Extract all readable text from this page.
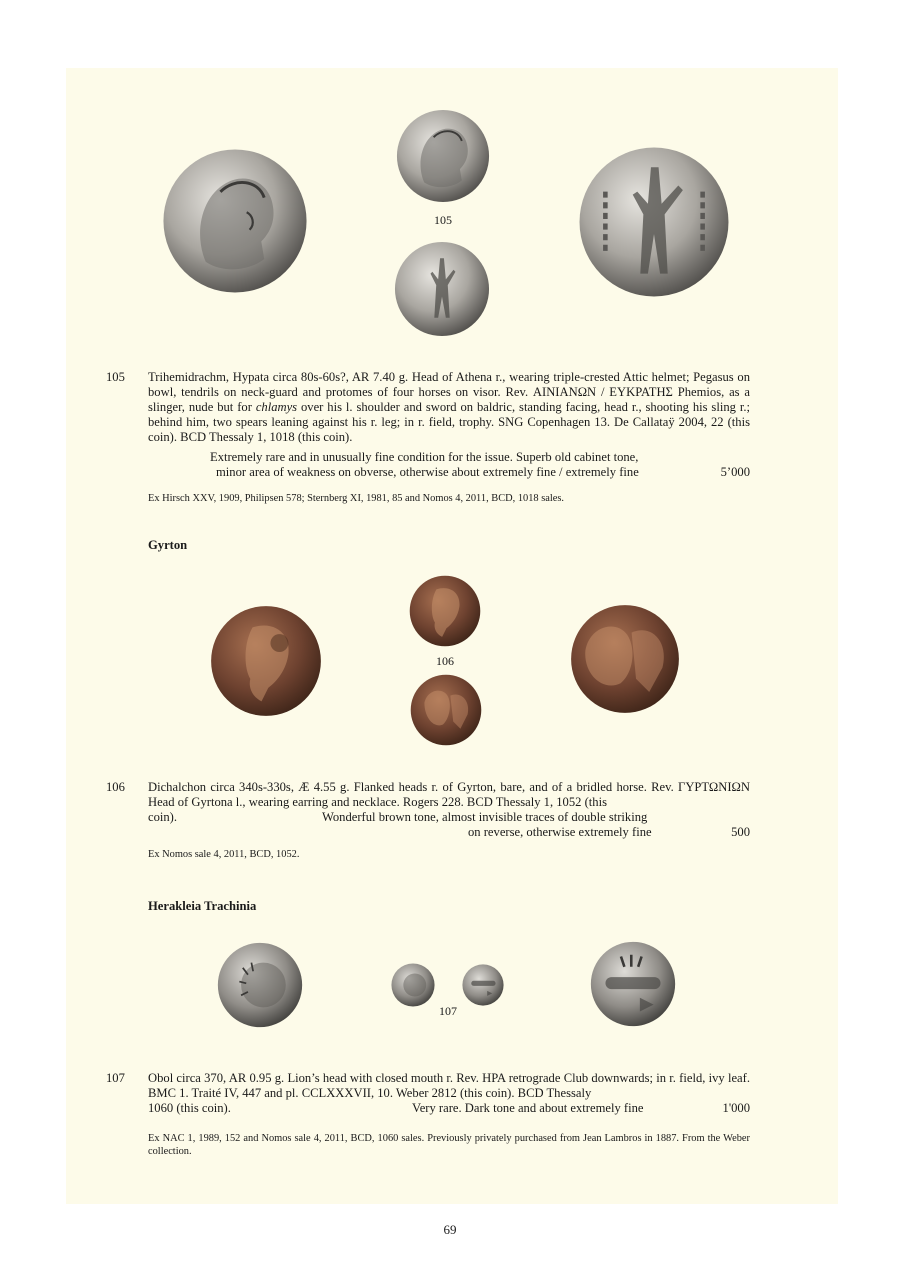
105
105 Trihemidrachm, Hypata circa 80s-60s?, AR 7.40 g. Head of Athena r., wearing triple-crested Attic helmet; Pegasus on bowl, tendrils on neck-guard and protomes of four horses on visor. Rev. ΑΙΝΙΑΝΩΝ / ΕΥΚΡΑΤΗΣ Phemios, as a slinger, nude but for chlamys over his l. shoulder and sword on baldric, standing facing, head r., shooting his sling r.; behind him, two spears leaning against his r. leg; in r. field, trophy. SNG Copenhagen 13. De Callataÿ 2004, 22 (this coin). BCD Thessaly 1, 1018 (this coin).

Extremely rare and in unusually fine condition for the issue. Superb old cabinet tone,
minor area of weakness on obverse, otherwise about extremely fine / extremely fine	5’000
Ex Hirsch XXV, 1909, Philipsen 578; Sternberg XI, 1981, 85 and Nomos 4, 2011, BCD, 1018 sales.
Gyrton
106
106 Dichalchon circa 340s-330s, Æ 4.55 g. Flanked heads r. of Gyrton, bare, and of a bridled horse. Rev. ΓΥΡΤΩΝΙΩΝ Head of Gyrtona l., wearing earring and necklace. Rogers 228. BCD Thessaly 1, 1052 (this

coin).	Wonderful brown tone, almost invisible traces of double striking
on reverse, otherwise extremely fine	500
Ex Nomos sale 4, 2011, BCD, 1052.
Herakleia Trachinia
107
107 Obol circa 370, AR 0.95 g. Lion’s head with closed mouth r. Rev. HPA retrograde Club downwards; in r. field, ivy leaf. BMC 1. Traité IV, 447 and pl. CCLXXXVII, 10. Weber 2812 (this coin). BCD Thessaly

1060 (this coin).	Very rare. Dark tone and about extremely fine	1'000
Ex NAC 1, 1989, 152 and Nomos sale 4, 2011, BCD, 1060 sales. Previously privately purchased from Jean Lambros in 1887. From the Weber collection.
69
